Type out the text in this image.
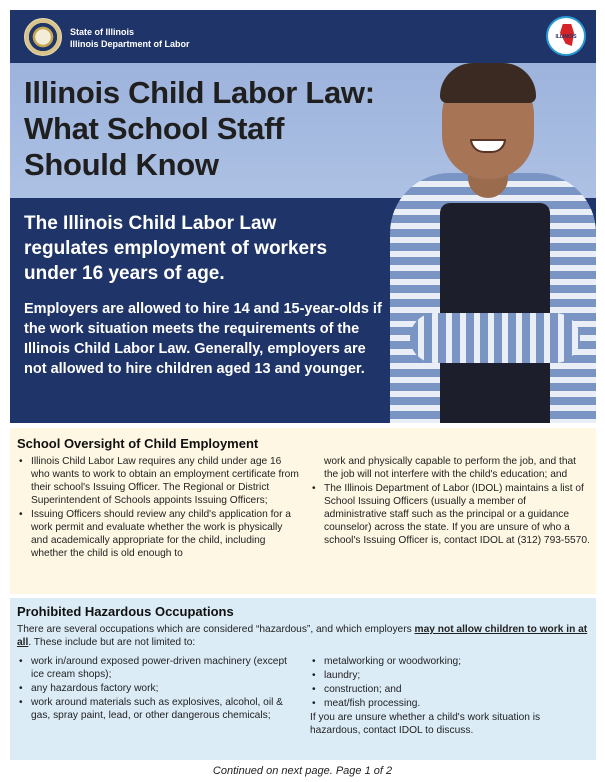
State of Illinois
Illinois Department of Labor
ILLINOIS
Illinois Child Labor Law:
What School Staff
Should Know
The Illinois Child Labor Law regulates employment of workers under 16 years of age.
Employers are allowed to hire 14 and 15-year-olds if the work situation meets the requirements of the Illinois Child Labor Law. Generally, employers are not allowed to hire children aged 13 and younger.
School Oversight of Child Employment
• Illinois Child Labor Law requires any child under age 16 who wants to work to obtain an employment certificate from their school's Issuing Officer. The Regional or District Superintendent of Schools appoints Issuing Officers;
• Issuing Officers should review any child's application for a work permit and evaluate whether the work is physically and academically appropriate for the child, including whether the child is old enough to
work and physically capable to perform the job, and that the job will not interfere with the child's education; and
• The Illinois Department of Labor (IDOL) maintains a list of School Issuing Officers (usually a member of administrative staff such as the principal or a guidance counselor) across the state. If you are unsure of who a school's Issuing Officer is, contact IDOL at (312) 793-5570.
Prohibited Hazardous Occupations
There are several occupations which are considered “hazardous”, and which employers may not allow children to work in at all. These include but are not limited to:
• work in/around exposed power-driven machinery (except ice cream shops);
• any hazardous factory work;
• work around materials such as explosives, alcohol, oil & gas, spray paint, lead, or other dangerous chemicals;
• metalworking or woodworking;
• laundry;
• construction; and
• meat/fish processing.
If you are unsure whether a child's work situation is hazardous, contact IDOL to discuss.
Continued on next page. Page 1 of 2
